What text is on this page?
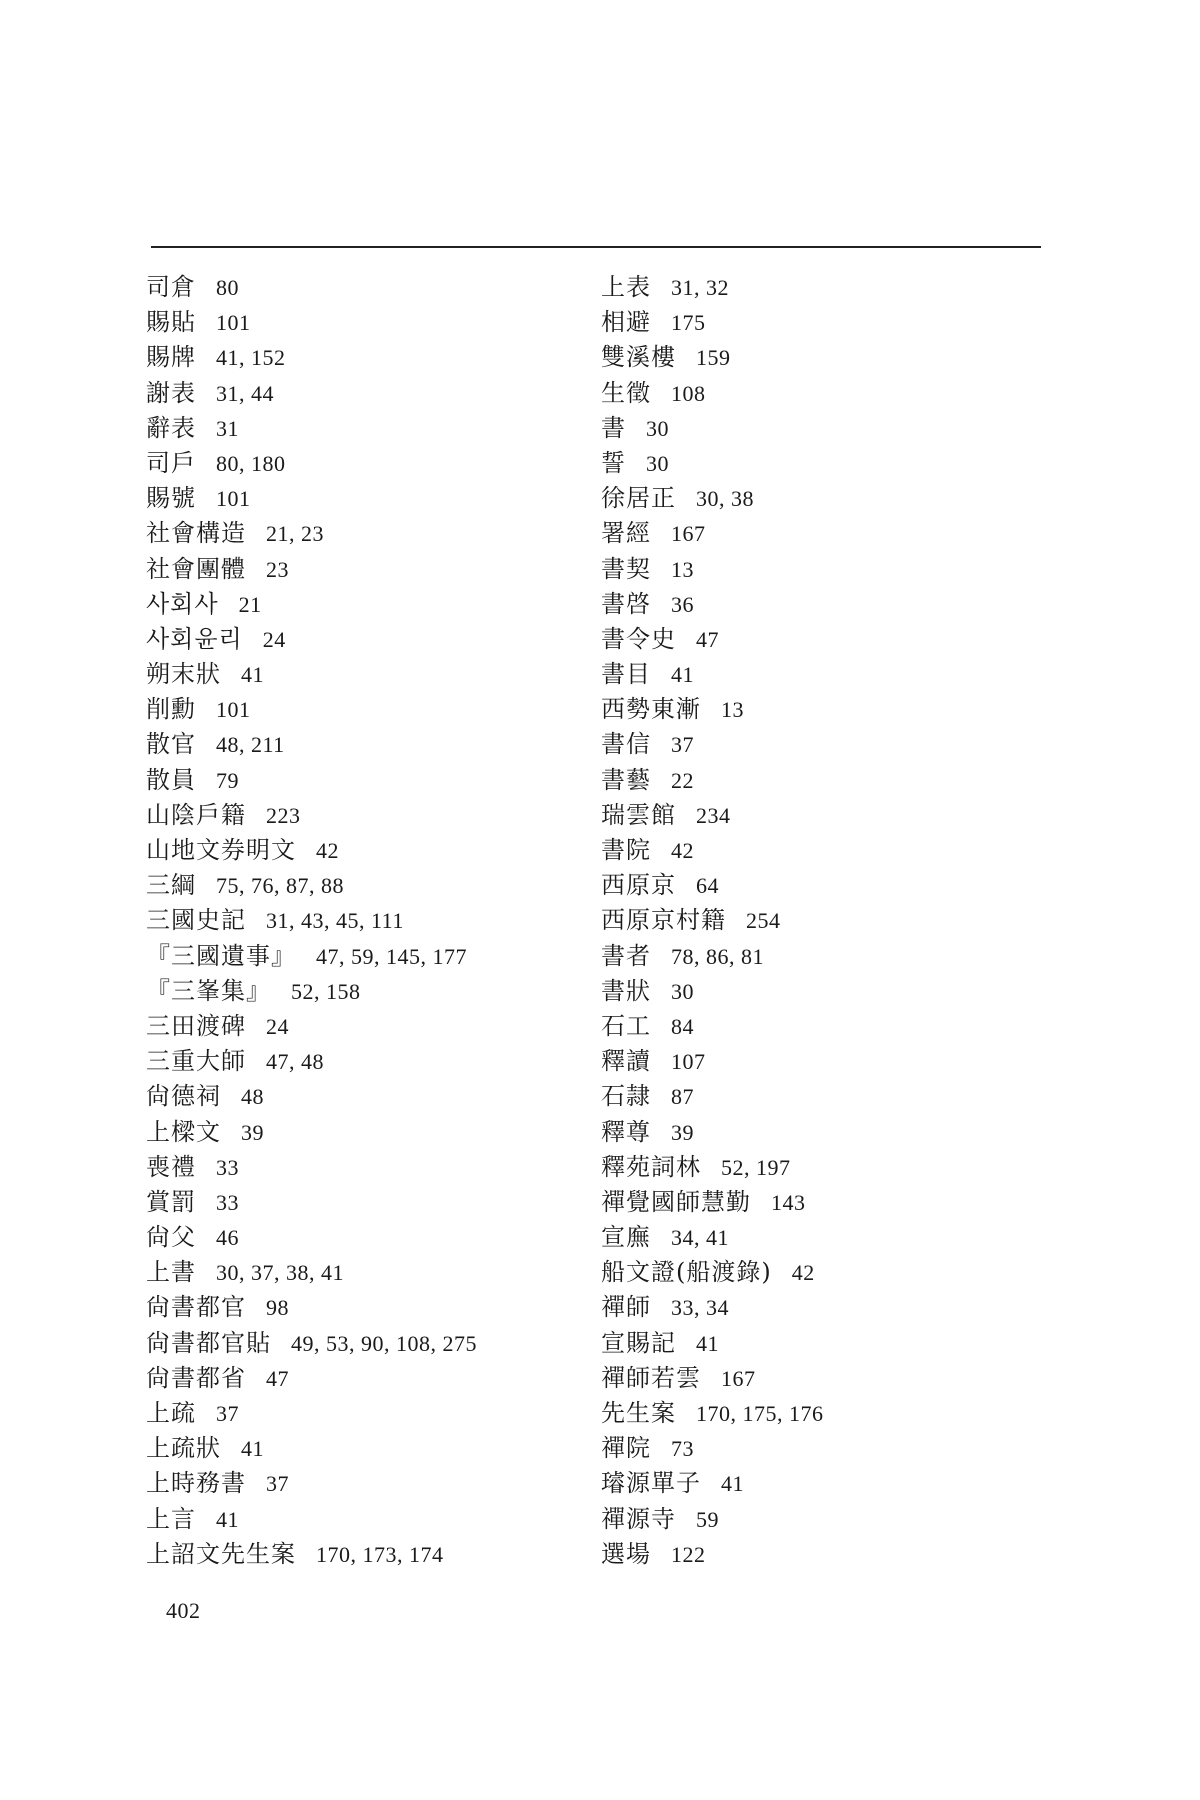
司倉 80
賜貼 101
賜牌 41, 152
謝表 31, 44
辭表 31
司戶 80, 180
賜號 101
社會構造 21, 23
社會團體 23
사회사 21
사회윤리 24
朔末狀 41
削勳 101
散官 48, 211
散員 79
山陰戶籍 223
山地文券明文 42
三綱 75, 76, 87, 88
三國史記 31, 43, 45, 111
『三國遺事』 47, 59, 145, 177
『三峯集』 52, 158
三田渡碑 24
三重大師 47, 48
尙德祠 48
上樑文 39
喪禮 33
賞罰 33
尙父 46
上書 30, 37, 38, 41
尙書都官 98
尙書都官貼 49, 53, 90, 108, 275
尙書都省 47
上疏 37
上疏狀 41
上時務書 37
上言 41
上詔文先生案 170, 173, 174
上表 31, 32
相避 175
雙溪樓 159
生徵 108
書 30
誓 30
徐居正 30, 38
署經 167
書契 13
書啓 36
書令史 47
書目 41
西勢東漸 13
書信 37
書藝 22
瑞雲館 234
書院 42
西原京 64
西原京村籍 254
書者 78, 86, 81
書狀 30
石工 84
釋讀 107
石隷 87
釋尊 39
釋苑詞林 52, 197
禪覺國師慧勤 143
宣廡 34, 41
船文證(船渡錄) 42
禪師 33, 34
宣賜記 41
禪師若雲 167
先生案 170, 175, 176
禪院 73
璿源單子 41
禪源寺 59
選場 122
402
